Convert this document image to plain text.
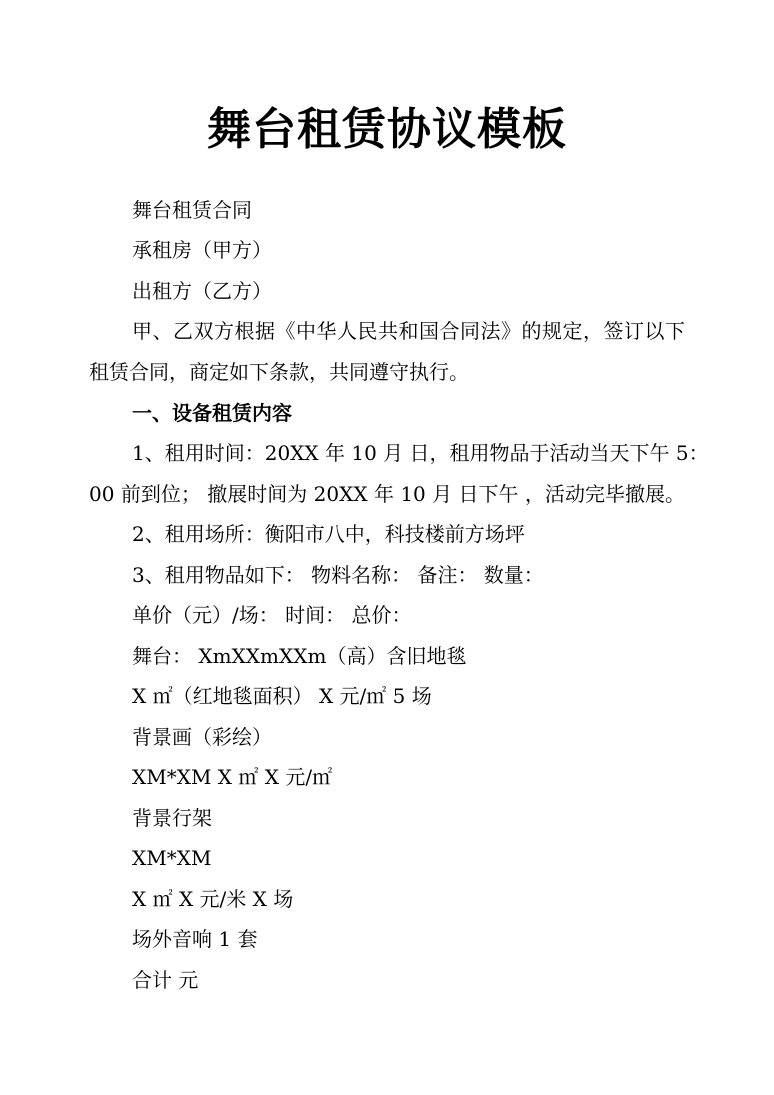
舞台租赁协议模板
舞台租赁合同
承租房（甲方）
出租方（乙方）
甲、乙双方根据《中华人民共和国合同法》的规定，签订以下
租赁合同，商定如下条款，共同遵守执行。
一、设备租赁内容
1、租用时间：20XX 年 10 月 日，租用物品于活动当天下午 5：
00 前到位； 撤展时间为 20XX 年 10 月 日下午 ，活动完毕撤展。
2、租用场所：衡阳市八中，科技楼前方场坪
3、租用物品如下： 物料名称： 备注： 数量：
单价（元）/场： 时间： 总价：
舞台： XmXXmXXm（高）含旧地毯
X ㎡（红地毯面积） X 元/㎡ 5 场
背景画（彩绘）
XM*XM X ㎡ X 元/㎡
背景行架
XM*XM
X ㎡ X 元/米 X 场
场外音响 1 套
合计 元
